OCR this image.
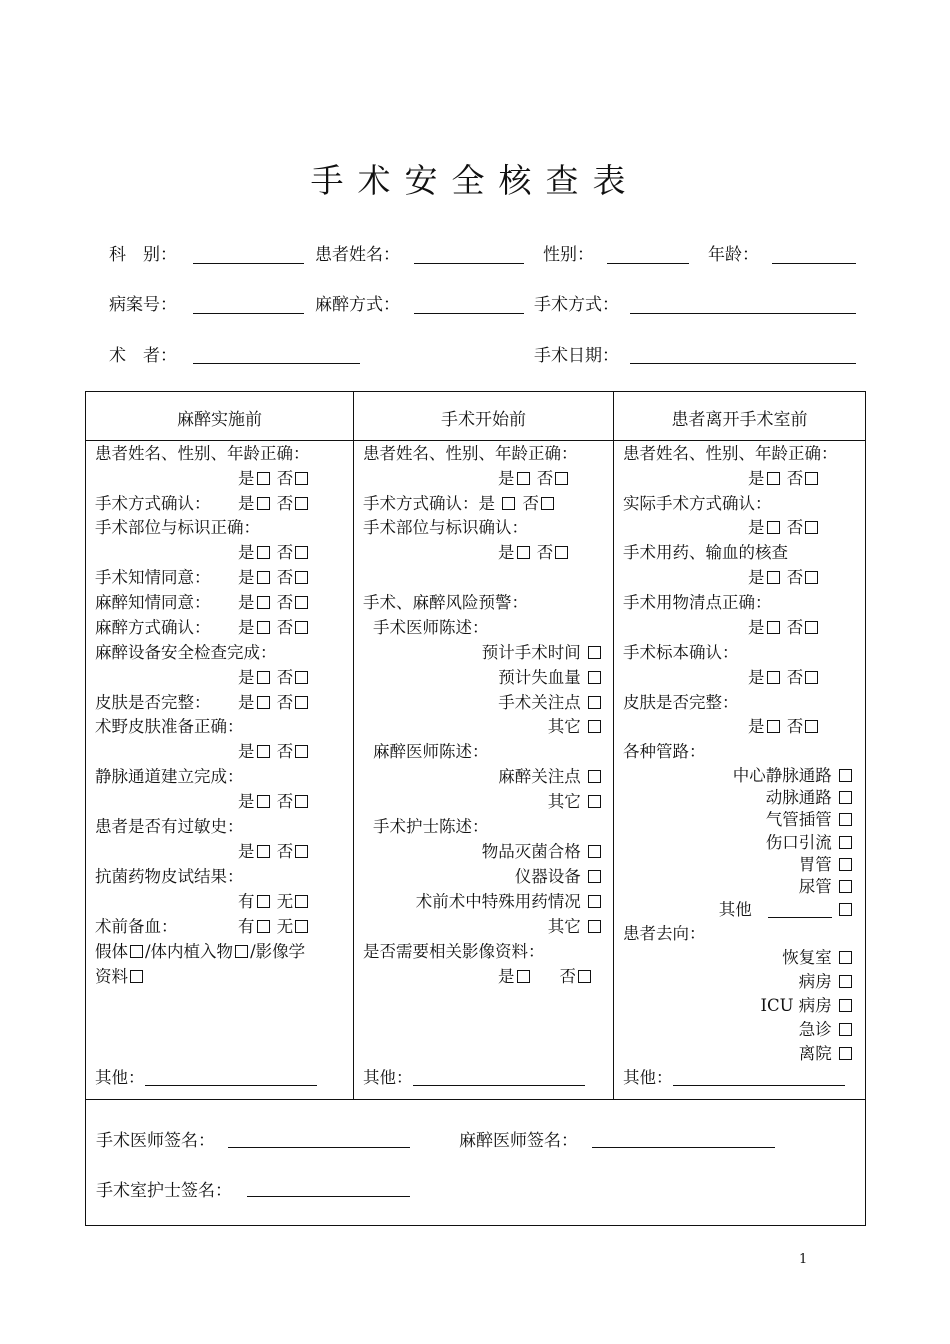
手术安全核查表
科　别：	患者姓名：	性别：	年龄：
病案号：	麻醉方式：	手术方式：
术　者：	手术日期：
麻醉实施前	手术开始前	患者离开手术室前
患者姓名、性别、年龄正确：
是 否
手术方式确认： 是 否
手术部位与标识正确：
是 否
手术知情同意： 是 否
麻醉知情同意： 是 否
麻醉方式确认： 是 否
麻醉设备安全检查完成：
是 否
皮肤是否完整： 是 否
术野皮肤准备正确：
是 否
静脉通道建立完成：
是 否
患者是否有过敏史：
是 否
抗菌药物皮试结果：
有 无
术前备血：	有 无
假体 /体内植入物 /影像学
资料
其他：
患者姓名、性别、年龄正确：
是 否
手术方式确认：是 否
手术部位与标识确认：
是 否
手术、麻醉风险预警：
手术医师陈述：
预计手术时间
预计失血量
手术关注点
其它
麻醉医师陈述：
麻醉关注点
其它
手术护士陈述：
物品灭菌合格
仪器设备
术前术中特殊用药情况
其它
是否需要相关影像资料：
是	否
其他：
患者姓名、性别、年龄正确：
是 否
实际手术方式确认：
是 否
手术用药、输血的核查
是 否
手术用物清点正确：
是 否
手术标本确认：
是 否
皮肤是否完整：
是 否
各种管路：
中心静脉通路
动脉通路
气管插管
伤口引流
胃管
尿管
其他
患者去向：
恢复室
病房
ICU 病房
急诊
离院
其他：
手术医师签名：	麻醉医师签名：
手术室护士签名：
1
